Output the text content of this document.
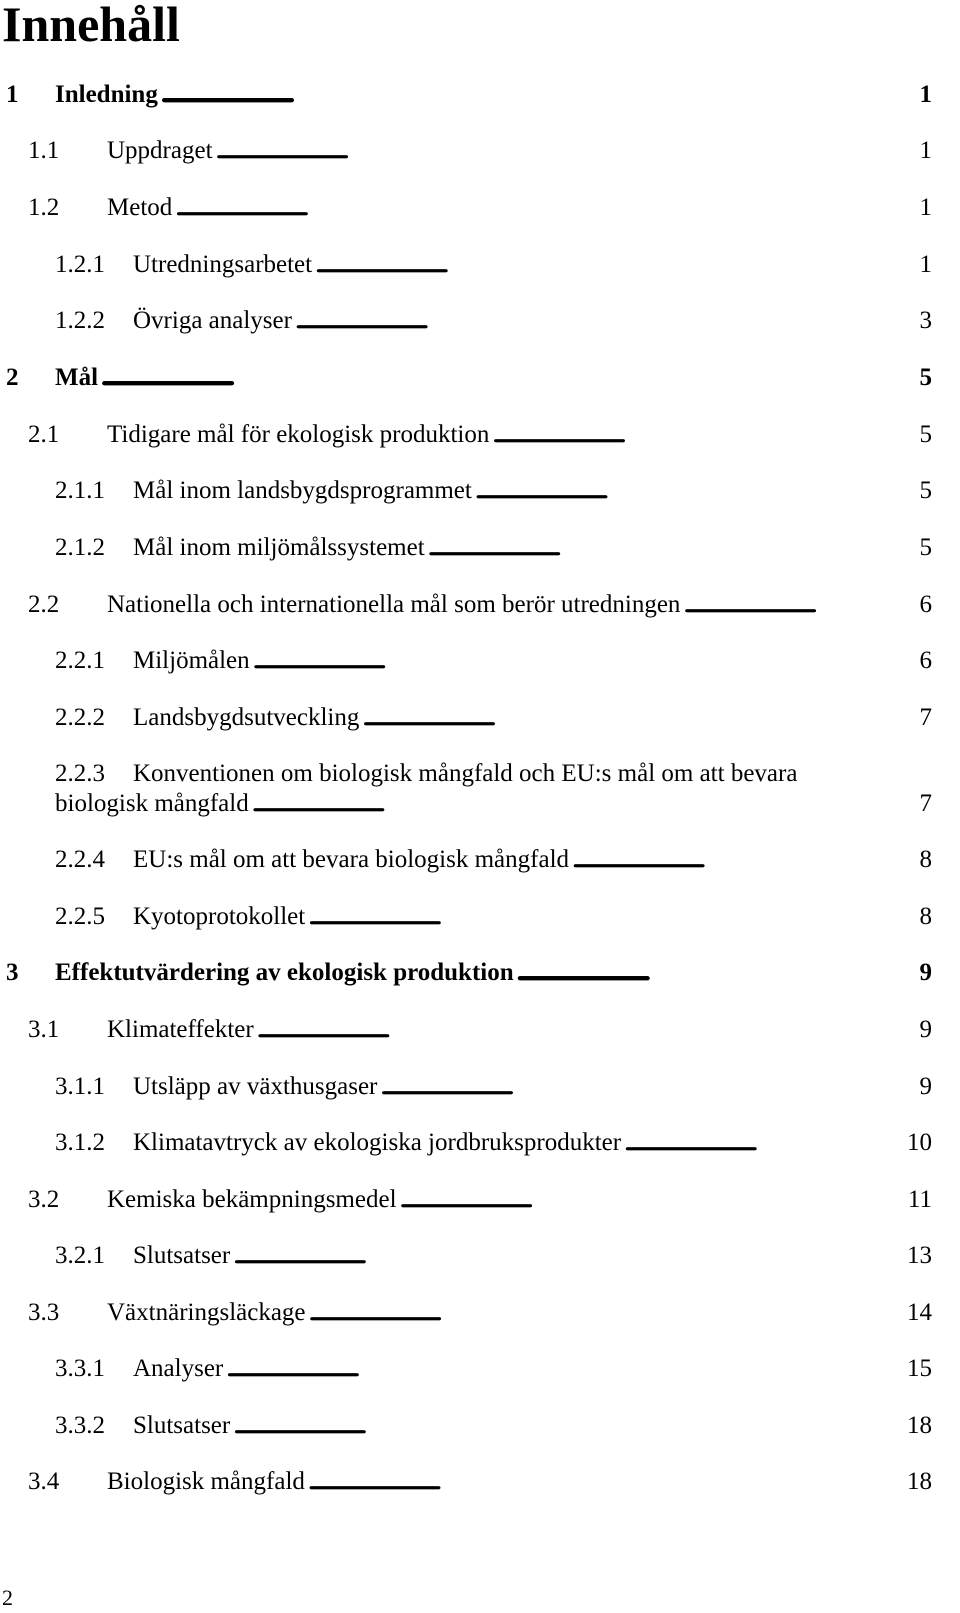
Innehåll
1 Inledning . . .	1
1.1 Uppdraget . . .	1
1.2 Metod . . .	1
1.2.1 Utredningsarbetet . . .	1
1.2.2 Övriga analyser . . .	3
2 Mål . . .	5
2.1 Tidigare mål för ekologisk produktion . . .	5
2.1.1 Mål inom landsbygdsprogrammet . . .	5
2.1.2 Mål inom miljömålssystemet . . .	5
2.2 Nationella och internationella mål som berör utredningen . . .	6
2.2.1 Miljömålen . . .	6
2.2.2 Landsbygdsutveckling . . .	7
2.2.3 Konventionen om biologisk mångfald och EU:s mål om att bevara
biologisk mångfald . . .	7
2.2.4 EU:s mål om att bevara biologisk mångfald . . .	8
2.2.5 Kyotoprotokollet . . .	8
3 Effektutvärdering av ekologisk produktion . . .	9
3.1 Klimateffekter . . .	9
3.1.1 Utsläpp av växthusgaser . . .	9
3.1.2 Klimatavtryck av ekologiska jordbruksprodukter . . .	10
3.2 Kemiska bekämpningsmedel . . .	11
3.2.1 Slutsatser . . .	13
3.3 Växtnäringsläckage . . .	14
3.3.1 Analyser . . .	15
3.3.2 Slutsatser . . .	18
3.4 Biologisk mångfald . . .	18
2
